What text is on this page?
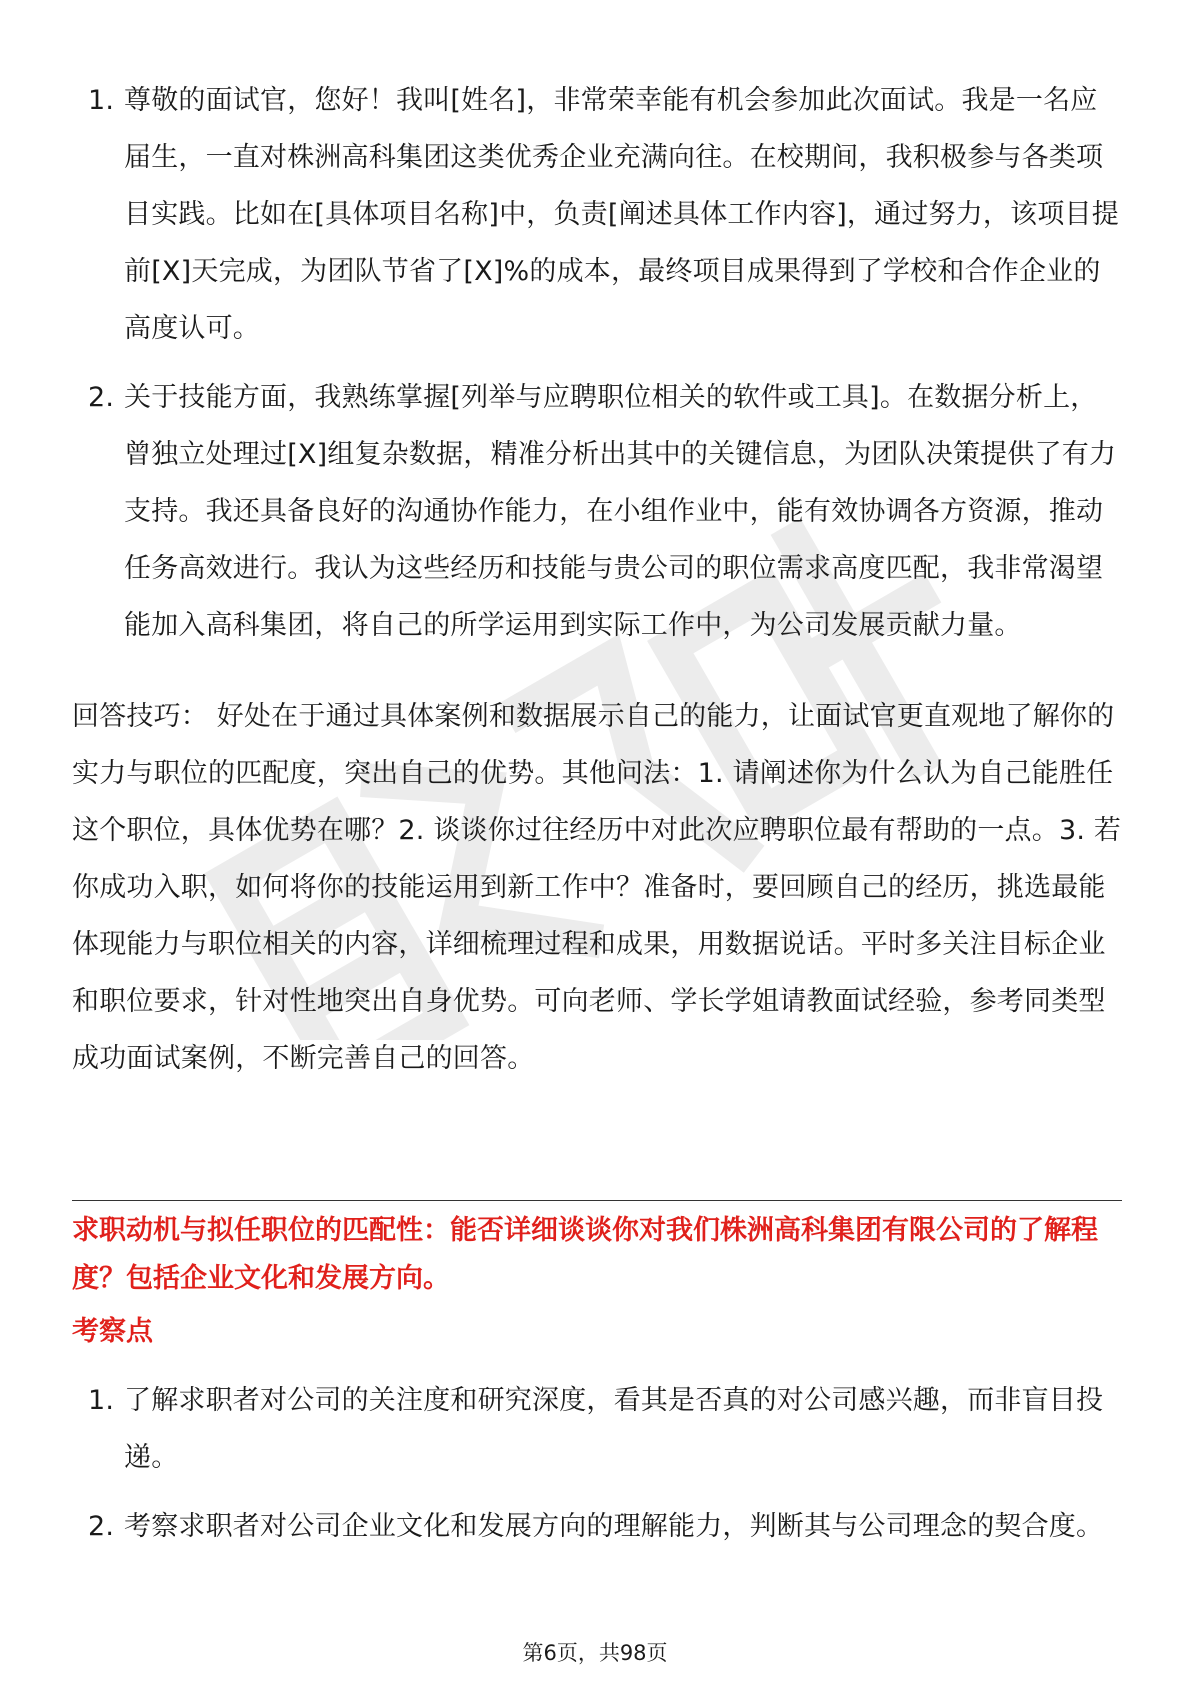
1. 尊敬的面试官，您好！我叫[姓名]，非常荣幸能有机会参加此次面试。我是一名应届生，一直对株洲高科集团这类优秀企业充满向往。在校期间，我积极参与各类项目实践。比如在[具体项目名称]中，负责[阐述具体工作内容]，通过努力，该项目提前[X]天完成，为团队节省了[X]%的成本，最终项目成果得到了学校和合作企业的高度认可。
2. 关于技能方面，我熟练掌握[列举与应聘职位相关的软件或工具]。在数据分析上，曾独立处理过[X]组复杂数据，精准分析出其中的关键信息，为团队决策提供了有力支持。我还具备良好的沟通协作能力，在小组作业中，能有效协调各方资源，推动任务高效进行。我认为这些经历和技能与贵公司的职位需求高度匹配，我非常渴望能加入高科集团，将自己的所学运用到实际工作中，为公司发展贡献力量。

回答技巧： 好处在于通过具体案例和数据展示自己的能力，让面试官更直观地了解你的实力与职位的匹配度，突出自己的优势。其他问法：1. 请阐述你为什么认为自己能胜任这个职位，具体优势在哪？2. 谈谈你过往经历中对此次应聘职位最有帮助的一点。3. 若你成功入职，如何将你的技能运用到新工作中？准备时，要回顾自己的经历，挑选最能体现能力与职位相关的内容，详细梳理过程和成果，用数据说话。平时多关注目标企业和职位要求，针对性地突出自身优势。可向老师、学长学姐请教面试经验，参考同类型成功面试案例，不断完善自己的回答。

求职动机与拟任职位的匹配性：能否详细谈谈你对我们株洲高科集团有限公司的了解程度？包括企业文化和发展方向。

考察点

1. 了解求职者对公司的关注度和研究深度，看其是否真的对公司感兴趣，而非盲目投递。
2. 考察求职者对公司企业文化和发展方向的理解能力，判断其与公司理念的契合度。
第6页，共98页
